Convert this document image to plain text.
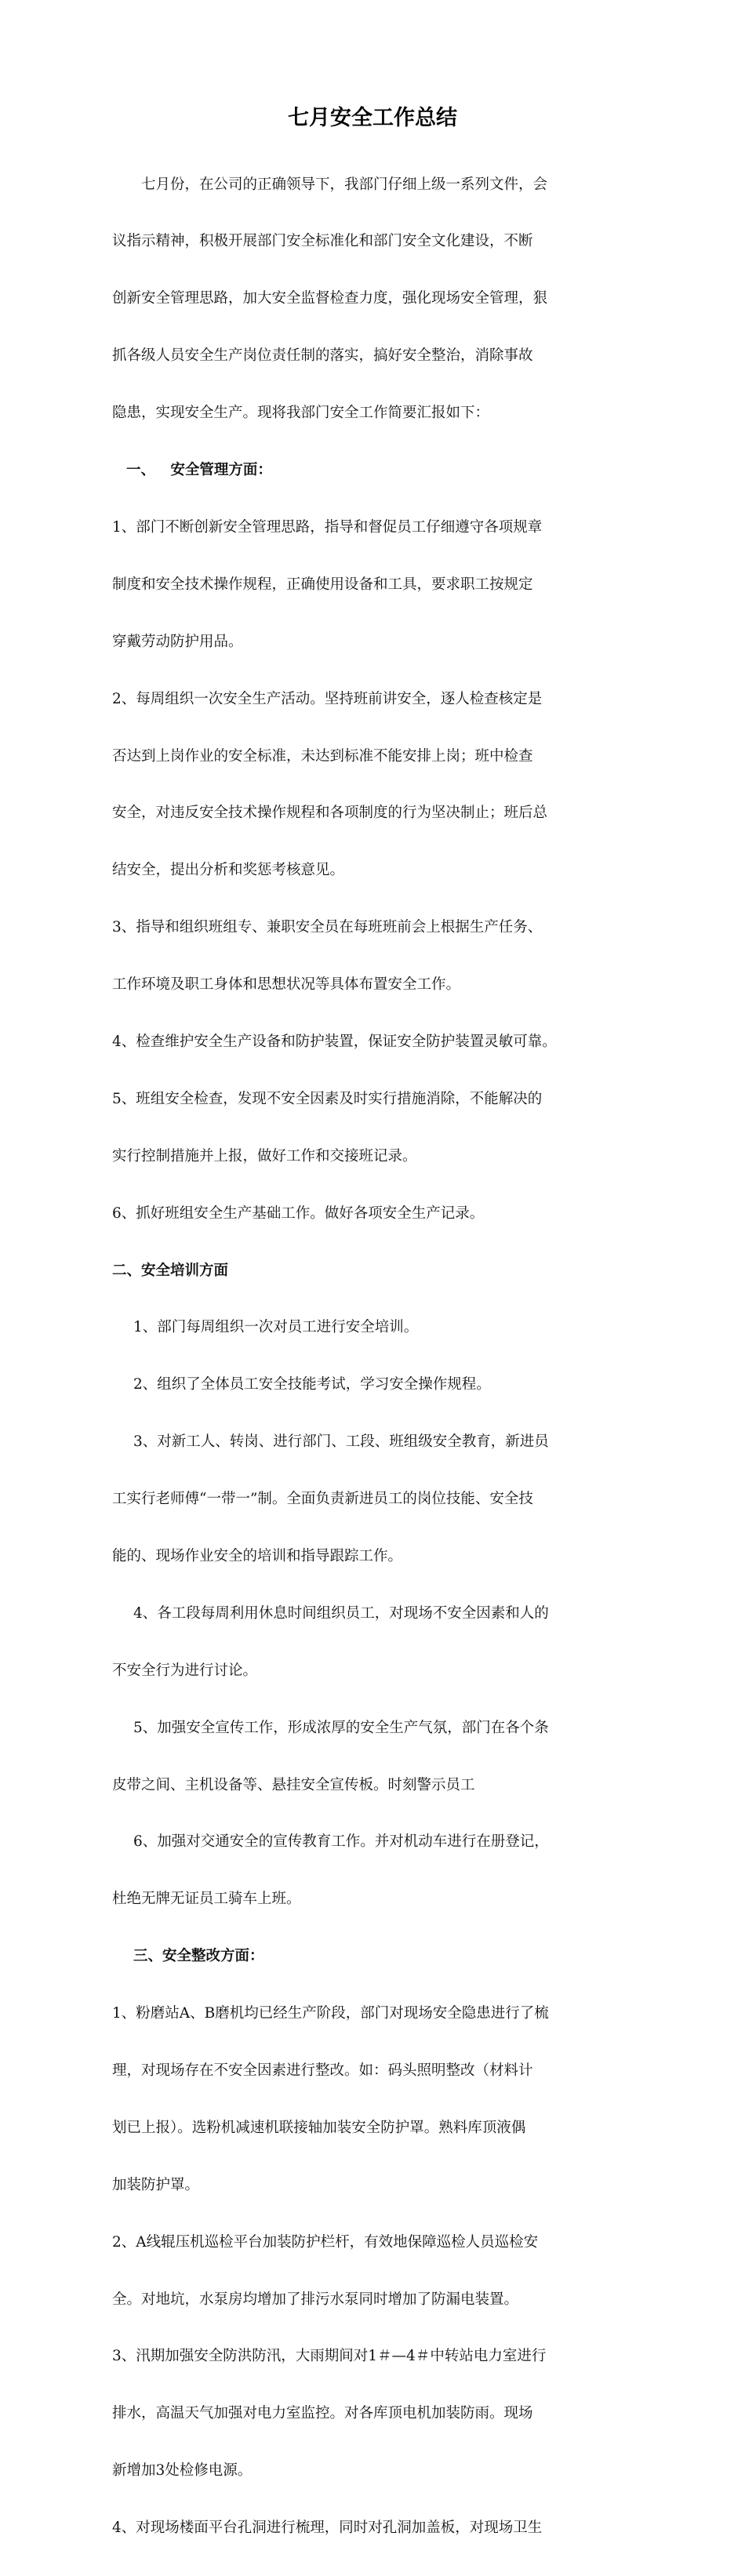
七月安全工作总结

七月份，在公司的正确领导下，我部门仔细上级一系列文件，会

议指示精神，积极开展部门安全标准化和部门安全文化建设，不断

创新安全管理思路，加大安全监督检查力度，强化现场安全管理，狠

抓各级人员安全生产岗位责任制的落实，搞好安全整治，消除事故

隐患，实现安全生产。现将我部门安全工作简要汇报如下：

一、   安全管理方面：

1、部门不断创新安全管理思路，指导和督促员工仔细遵守各项规章

制度和安全技术操作规程，正确使用设备和工具，要求职工按规定

穿戴劳动防护用品。

2、每周组织一次安全生产活动。坚持班前讲安全，逐人检查核定是

否达到上岗作业的安全标准，未达到标准不能安排上岗；班中检查

安全，对违反安全技术操作规程和各项制度的行为坚决制止；班后总

结安全，提出分析和奖惩考核意见。

3、指导和组织班组专、兼职安全员在每班班前会上根据生产任务、

工作环境及职工身体和思想状况等具体布置安全工作。

4、检查维护安全生产设备和防护装置，保证安全防护装置灵敏可靠。

5、班组安全检查，发现不安全因素及时实行措施消除，不能解决的

实行控制措施并上报，做好工作和交接班记录。

6、抓好班组安全生产基础工作。做好各项安全生产记录。

二、安全培训方面

1、部门每周组织一次对员工进行安全培训。

2、组织了全体员工安全技能考试，学习安全操作规程。

3、对新工人、转岗、进行部门、工段、班组级安全教育，新进员

工实行老师傅“一带一”制。全面负责新进员工的岗位技能、安全技

能的、现场作业安全的培训和指导跟踪工作。

4、各工段每周利用休息时间组织员工，对现场不安全因素和人的

不安全行为进行讨论。

5、加强安全宣传工作，形成浓厚的安全生产气氛，部门在各个条

皮带之间、主机设备等、悬挂安全宣传板。时刻警示员工

6、加强对交通安全的宣传教育工作。并对机动车进行在册登记，

杜绝无牌无证员工骑车上班。

三、安全整改方面：

1、粉磨站A、B磨机均已经生产阶段，部门对现场安全隐患进行了梳

理，对现场存在不安全因素进行整改。如：码头照明整改（材料计

划已上报）。选粉机减速机联接轴加装安全防护罩。熟料库顶液偶

加装防护罩。

2、A线辊压机巡检平台加装防护栏杆，有效地保障巡检人员巡检安

全。对地坑，水泵房均增加了排污水泵同时增加了防漏电装置。

3、汛期加强安全防洪防汛，大雨期间对1＃—4＃中转站电力室进行

排水，高温天气加强对电力室监控。对各库顶电机加装防雨。现场

新增加3处检修电源。

4、对现场楼面平台孔洞进行梳理，同时对孔洞加盖板，对现场卫生
